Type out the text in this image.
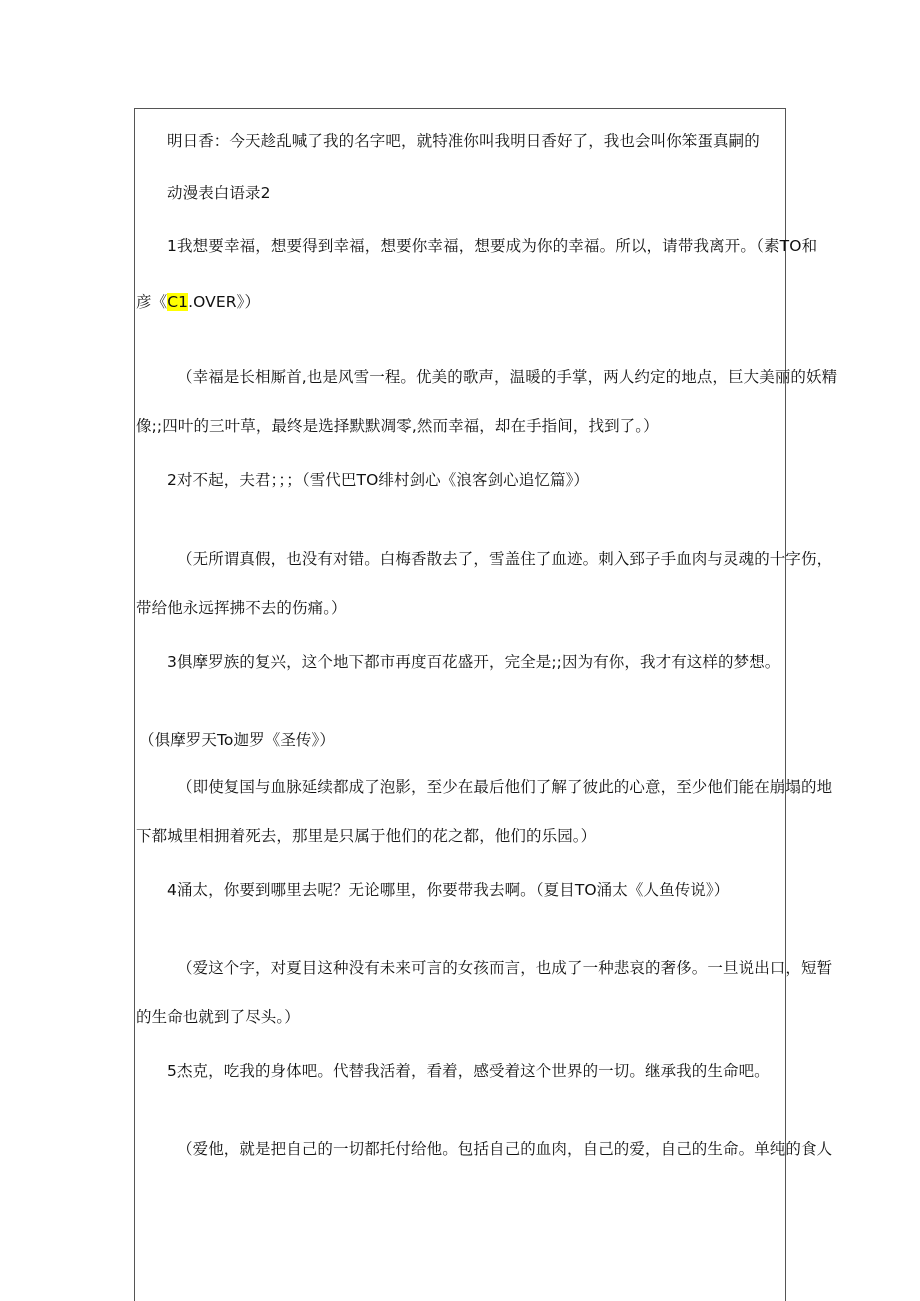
明日香：今天趁乱喊了我的名字吧，就特准你叫我明日香好了，我也会叫你笨蛋真嗣的
动漫表白语录2
1我想要幸福，想要得到幸福，想要你幸福，想要成为你的幸福。所以，请带我离开。（素TO和
彦《C1.OVER》）
（幸福是长相厮首,也是风雪一程。优美的歌声，温暖的手掌，两人约定的地点，巨大美丽的妖精
像;;四叶的三叶草，最终是选择默默凋零,然而幸福，却在手指间，找到了。）
2对不起，夫君；；；（雪代巴TO绯村剑心《浪客剑心追忆篇》）
（无所谓真假，也没有对错。白梅香散去了，雪盖住了血迹。刺入郅子手血肉与灵魂的十字伤，
带给他永远挥拂不去的伤痛。）
3俱摩罗族的复兴，这个地下都市再度百花盛开，完全是;;因为有你，我才有这样的梦想。
（俱摩罗天To迦罗《圣传》）
（即使复国与血脉延续都成了泡影，至少在最后他们了解了彼此的心意，至少他们能在崩塌的地
下都城里相拥着死去，那里是只属于他们的花之都，他们的乐园。）
4涌太，你要到哪里去呢？无论哪里，你要带我去啊。（夏目TO涌太《人鱼传说》）
（爱这个字，对夏目这种没有未来可言的女孩而言，也成了一种悲哀的奢侈。一旦说出口，短暂
的生命也就到了尽头。）
5杰克，吃我的身体吧。代替我活着，看着，感受着这个世界的一切。继承我的生命吧。
（爱他，就是把自己的一切都托付给他。包括自己的血肉，自己的爱，自己的生命。单纯的食人
